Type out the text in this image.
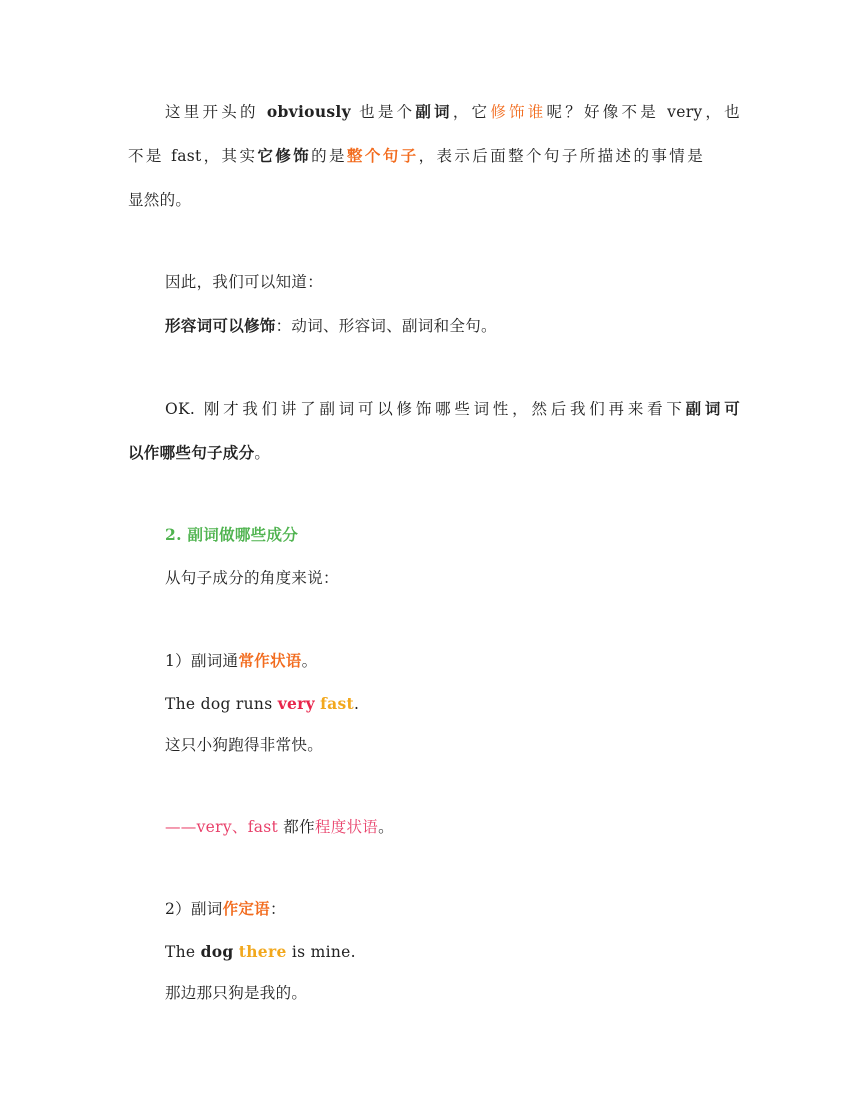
这里开头的 obviously 也是个副词，它修饰谁呢？好像不是 very，也
不是 fast，其实它修饰的是整个句子，表示后面整个句子所描述的事情是
显然的。
因此，我们可以知道：
形容词可以修饰：动词、形容词、副词和全句。
OK. 刚才我们讲了副词可以修饰哪些词性，然后我们再来看下副词可
以作哪些句子成分。
2. 副词做哪些成分
从句子成分的角度来说：
1）副词通常作状语。
The dog runs very fast.
这只小狗跑得非常快。
——very、fast 都作程度状语。
2）副词作定语：
The dog there is mine.
那边那只狗是我的。
